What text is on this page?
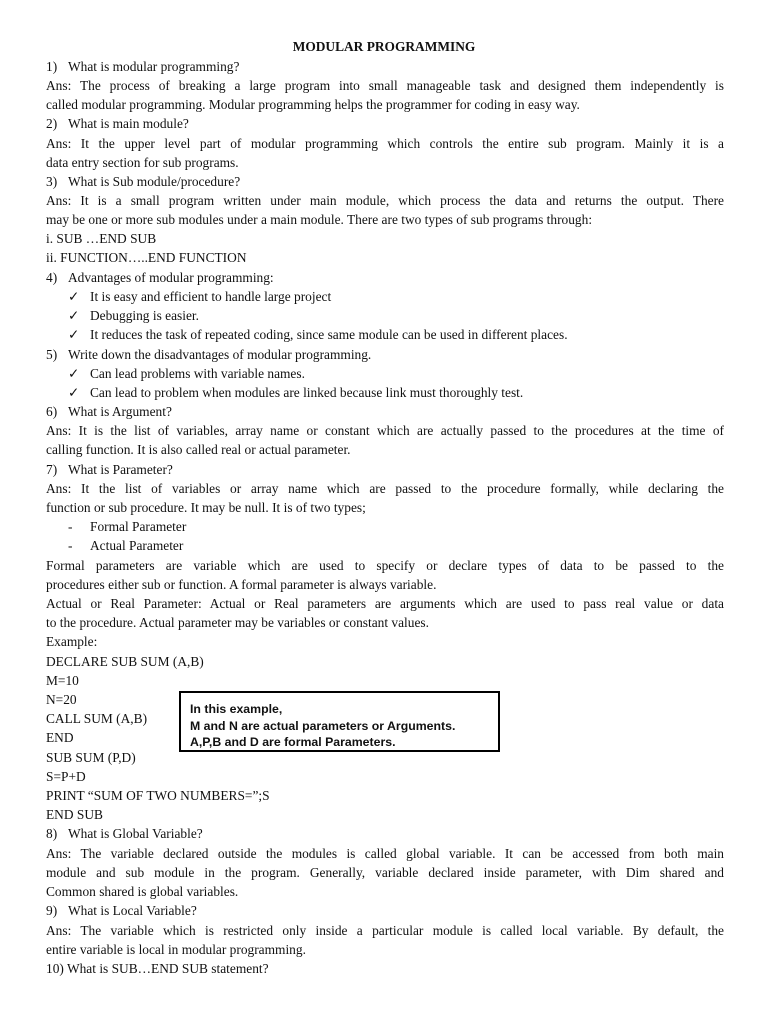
MODULAR PROGRAMMING
1) What is modular programming?
Ans: The process of breaking a large program into small manageable task and designed them independently is
called modular programming. Modular programming helps the programmer for coding in easy way.
2) What is main module?
Ans: It the upper level part of modular programming which controls the entire sub program. Mainly it is a
data entry section for sub programs.
3) What is Sub module/procedure?
Ans: It is a small program written under main module, which process the data and returns the output. There
may be one or more sub modules under a main module. There are two types of sub programs through:
i. SUB …END SUB
ii. FUNCTION…..END FUNCTION
4) Advantages of modular programming:
✓ It is easy and efficient to handle large project
✓ Debugging is easier.
✓ It reduces the task of repeated coding, since same module can be used in different places.
5) Write down the disadvantages of modular programming.
✓ Can lead problems with variable names.
✓ Can lead to problem when modules are linked because link must thoroughly test.
6) What is Argument?
Ans: It is the list of variables, array name or constant which are actually passed to the procedures at the time of
calling function. It is also called real or actual parameter.
7) What is Parameter?
Ans: It the list of variables or array name which are passed to the procedure formally, while declaring the
function or sub procedure. It may be null. It is of two types;
- Formal Parameter
- Actual Parameter
Formal parameters are variable which are used to specify or declare types of data to be passed to the
procedures either sub or function. A formal parameter is always variable.
Actual or Real Parameter: Actual or Real parameters are arguments which are used to pass real value or data
to the procedure. Actual parameter may be variables or constant values.
Example:
DECLARE SUB SUM (A,B)
M=10
N=20
CALL SUM (A,B)
END
SUB SUM (P,D)
S=P+D
PRINT “SUM OF TWO NUMBERS=”;S
END SUB
In this example,
M and N are actual parameters or Arguments.
A,P,B and D are formal Parameters.
8) What is Global Variable?
Ans: The variable declared outside the modules is called global variable. It can be accessed from both main
module and sub module in the program. Generally, variable declared inside parameter, with Dim shared and
Common shared is global variables.
9) What is Local Variable?
Ans: The variable which is restricted only inside a particular module is called local variable. By default, the
entire variable is local in modular programming.
10) What is SUB…END SUB statement?
